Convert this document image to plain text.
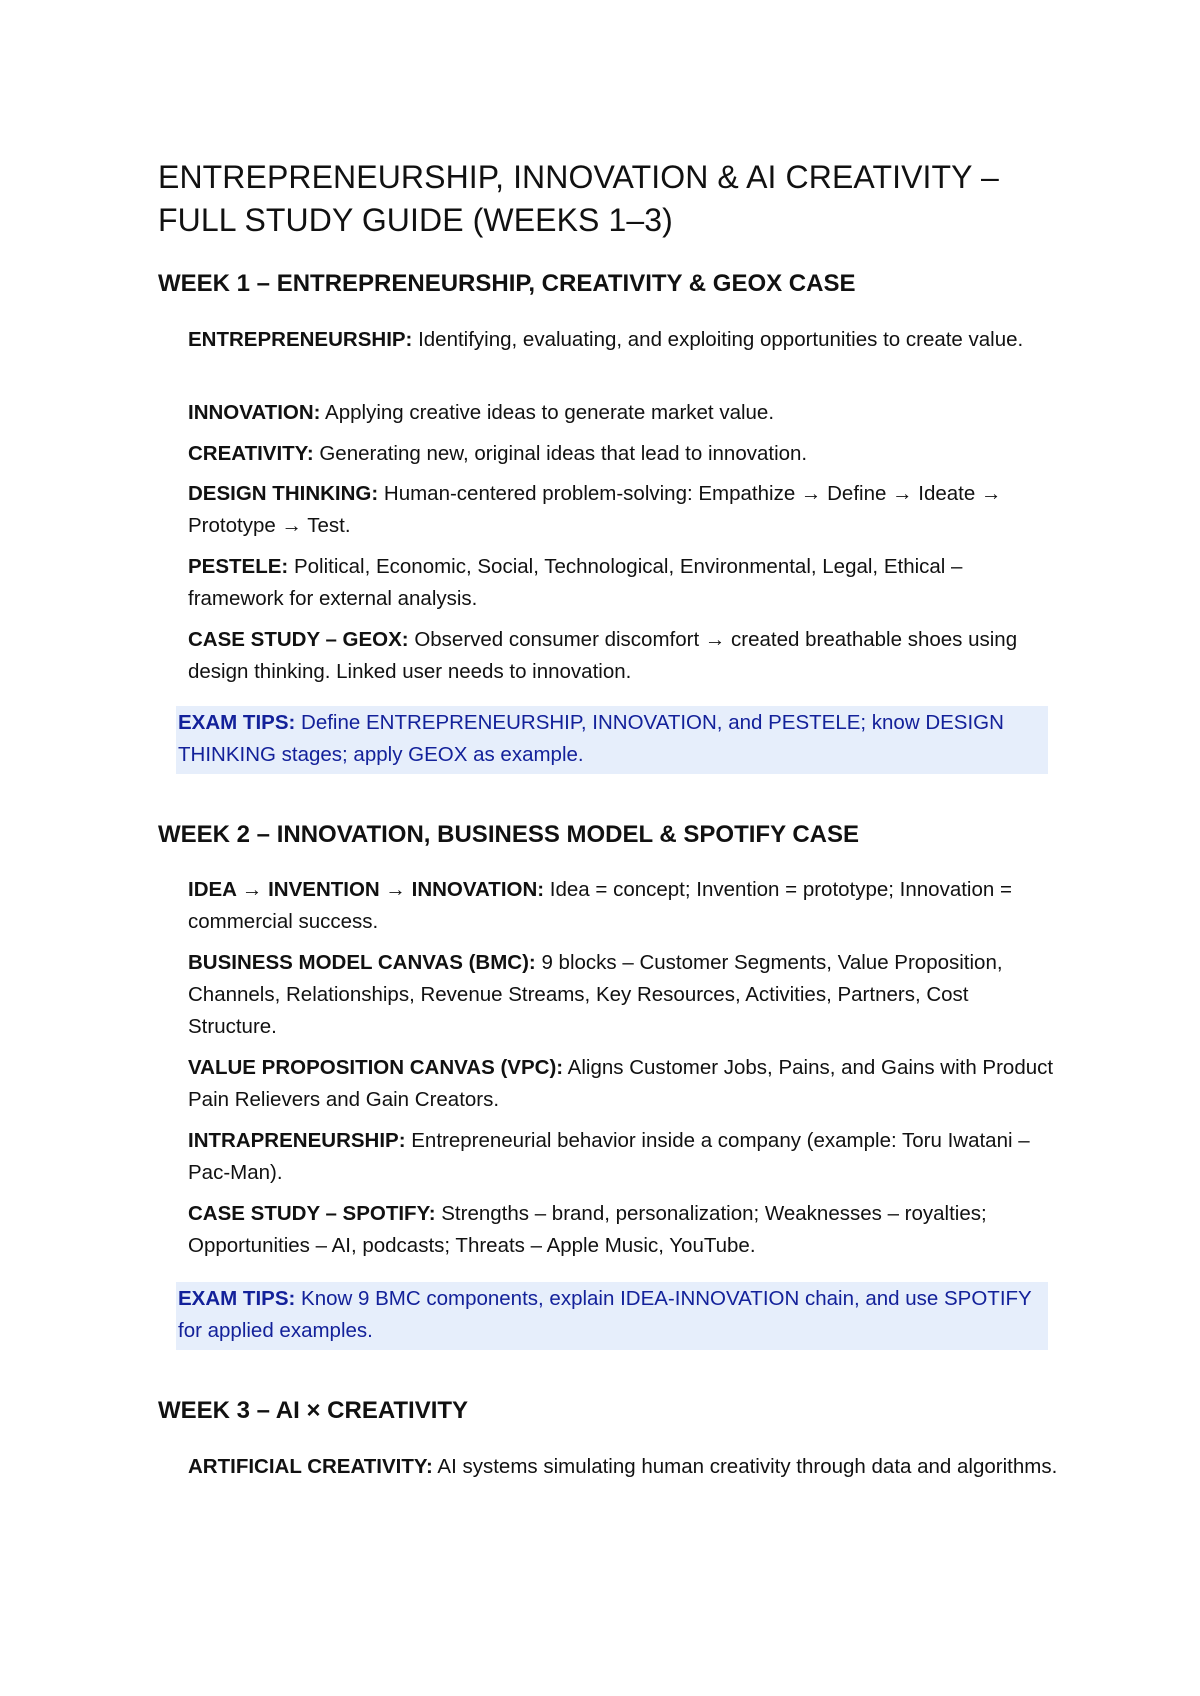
ENTREPRENEURSHIP, INNOVATION & AI CREATIVITY – FULL STUDY GUIDE (WEEKS 1–3)
WEEK 1 – ENTREPRENEURSHIP, CREATIVITY & GEOX CASE

ENTREPRENEURSHIP: Identifying, evaluating, and exploiting opportunities to create value.

INNOVATION: Applying creative ideas to generate market value.

CREATIVITY: Generating new, original ideas that lead to innovation.

DESIGN THINKING: Human-centered problem-solving: Empathize → Define → Ideate → Prototype → Test.

PESTELE: Political, Economic, Social, Technological, Environmental, Legal, Ethical – framework for external analysis.

CASE STUDY – GEOX: Observed consumer discomfort → created breathable shoes using design thinking. Linked user needs to innovation.

EXAM TIPS: Define ENTREPRENEURSHIP, INNOVATION, and PESTELE; know DESIGN THINKING stages; apply GEOX as example.
WEEK 2 – INNOVATION, BUSINESS MODEL & SPOTIFY CASE

IDEA → INVENTION → INNOVATION: Idea = concept; Invention = prototype; Innovation = commercial success.

BUSINESS MODEL CANVAS (BMC): 9 blocks – Customer Segments, Value Proposition, Channels, Relationships, Revenue Streams, Key Resources, Activities, Partners, Cost Structure.

VALUE PROPOSITION CANVAS (VPC): Aligns Customer Jobs, Pains, and Gains with Product Pain Relievers and Gain Creators.

INTRAPRENEURSHIP: Entrepreneurial behavior inside a company (example: Toru Iwatani – Pac-Man).

CASE STUDY – SPOTIFY: Strengths – brand, personalization; Weaknesses – royalties; Opportunities – AI, podcasts; Threats – Apple Music, YouTube.

EXAM TIPS: Know 9 BMC components, explain IDEA-INNOVATION chain, and use SPOTIFY for applied examples.
WEEK 3 – AI × CREATIVITY

ARTIFICIAL CREATIVITY: AI systems simulating human creativity through data and algorithms.
